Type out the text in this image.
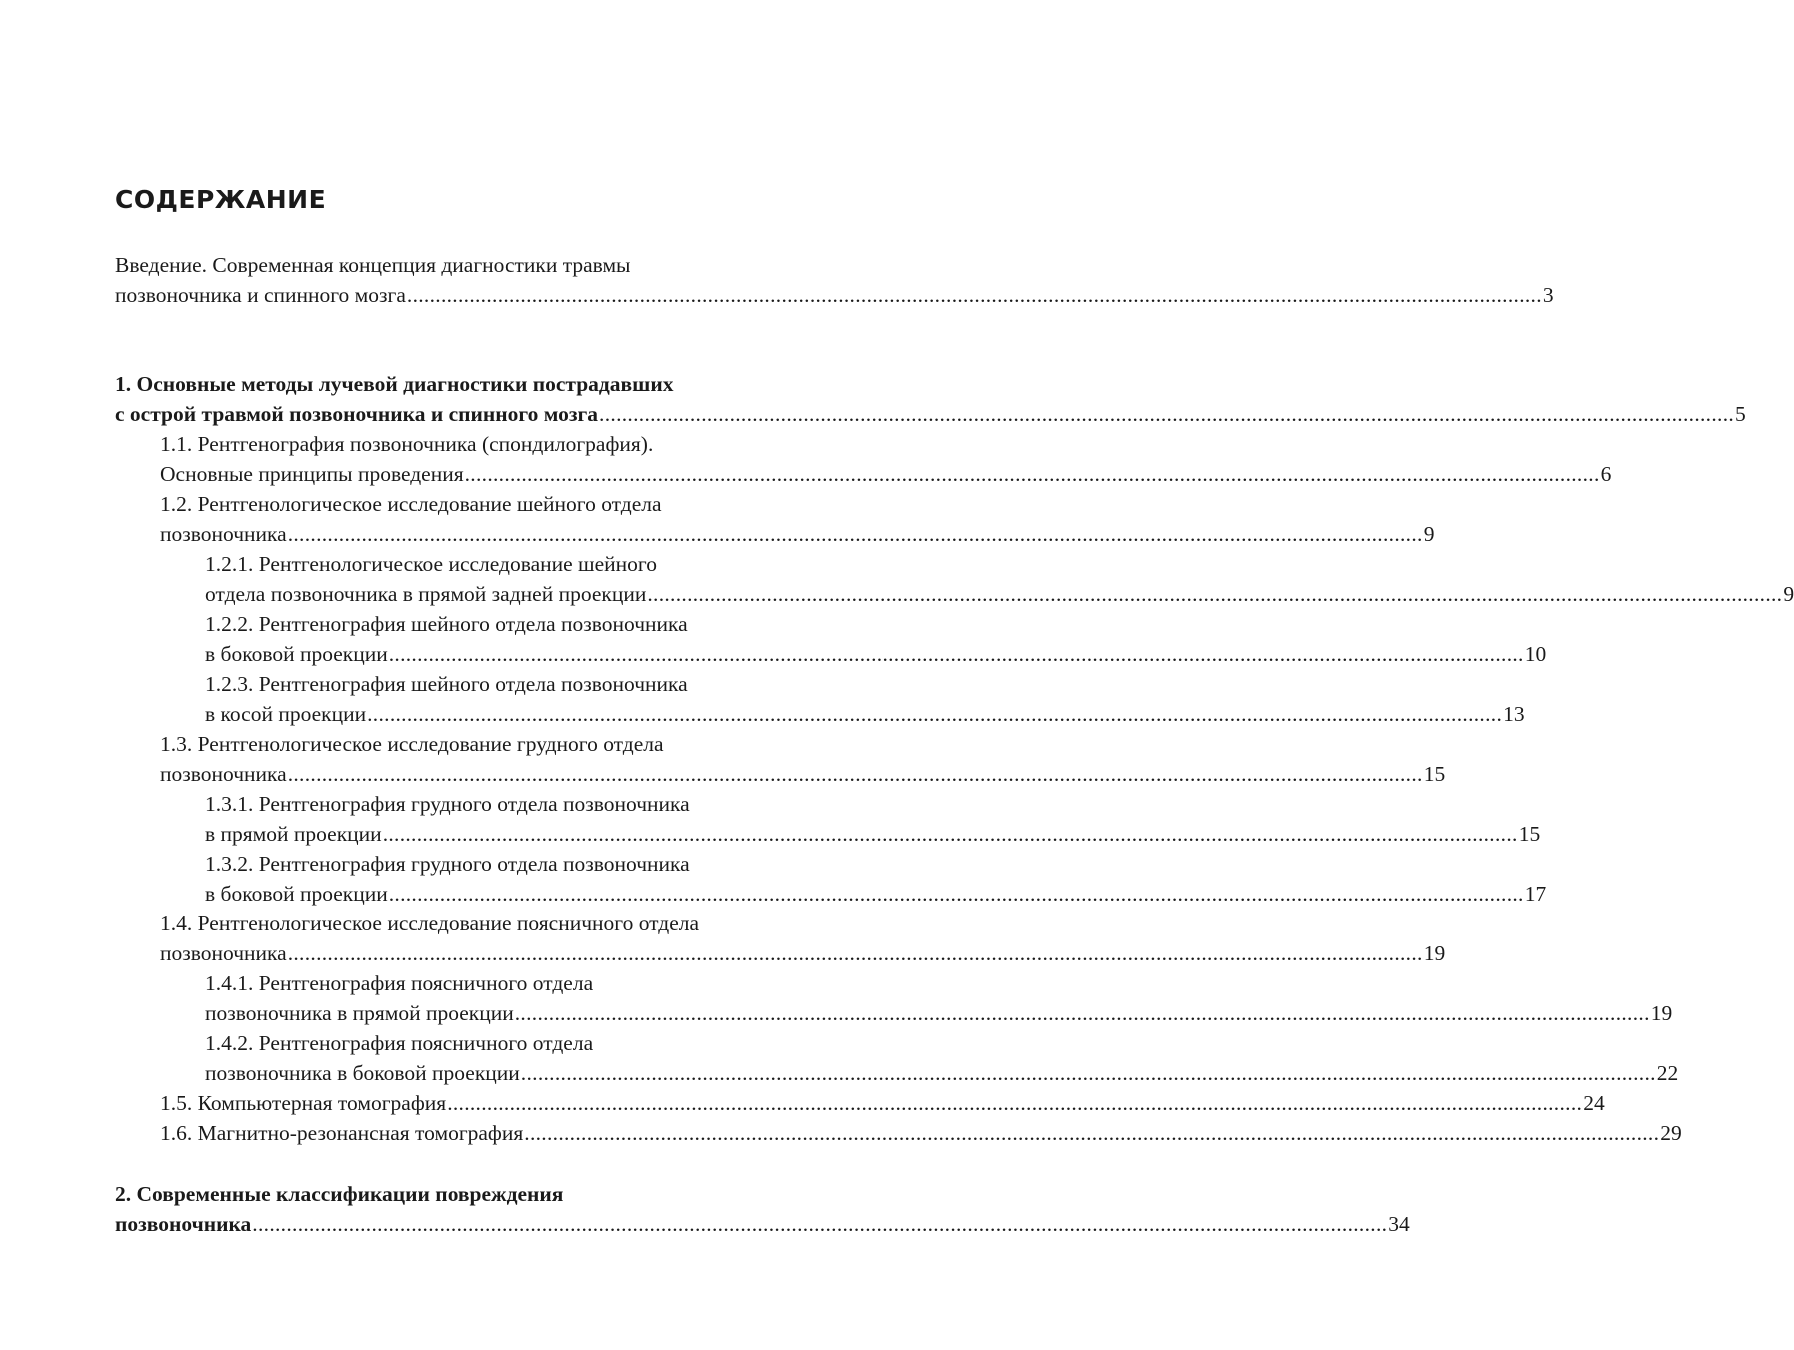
СОДЕРЖАНИЕ
Введение. Современная концепция диагностики травмы
позвоночника и спинного мозга ........................................................................................................................................................................................................ 3
1. Основные методы лучевой диагностики пострадавших
с острой травмой позвоночника и спинного мозга ........................................................................................................................................................................................................ 5
1.1. Рентгенография позвоночника (спондилография).
Основные принципы проведения ........................................................................................................................................................................................................ 6
1.2. Рентгенологическое исследование шейного отдела
позвоночника ........................................................................................................................................................................................................ 9
1.2.1. Рентгенологическое исследование шейного
отдела позвоночника в прямой задней проекции ........................................................................................................................................................................................................ 9
1.2.2. Рентгенография шейного отдела позвоночника
в боковой проекции ........................................................................................................................................................................................................ 10
1.2.3. Рентгенография шейного отдела позвоночника
в косой проекции ........................................................................................................................................................................................................ 13
1.3. Рентгенологическое исследование грудного отдела
позвоночника ........................................................................................................................................................................................................ 15
1.3.1. Рентгенография грудного отдела позвоночника
в прямой проекции ........................................................................................................................................................................................................ 15
1.3.2. Рентгенография грудного отдела позвоночника
в боковой проекции ........................................................................................................................................................................................................ 17
1.4. Рентгенологическое исследование поясничного отдела
позвоночника ........................................................................................................................................................................................................ 19
1.4.1. Рентгенография поясничного отдела
позвоночника в прямой проекции ........................................................................................................................................................................................................ 19
1.4.2. Рентгенография поясничного отдела
позвоночника в боковой проекции ........................................................................................................................................................................................................ 22
1.5. Компьютерная томография ........................................................................................................................................................................................................ 24
1.6. Магнитно-резонансная томография ........................................................................................................................................................................................................ 29
2. Современные классификации повреждения
позвоночника ........................................................................................................................................................................................................ 34
